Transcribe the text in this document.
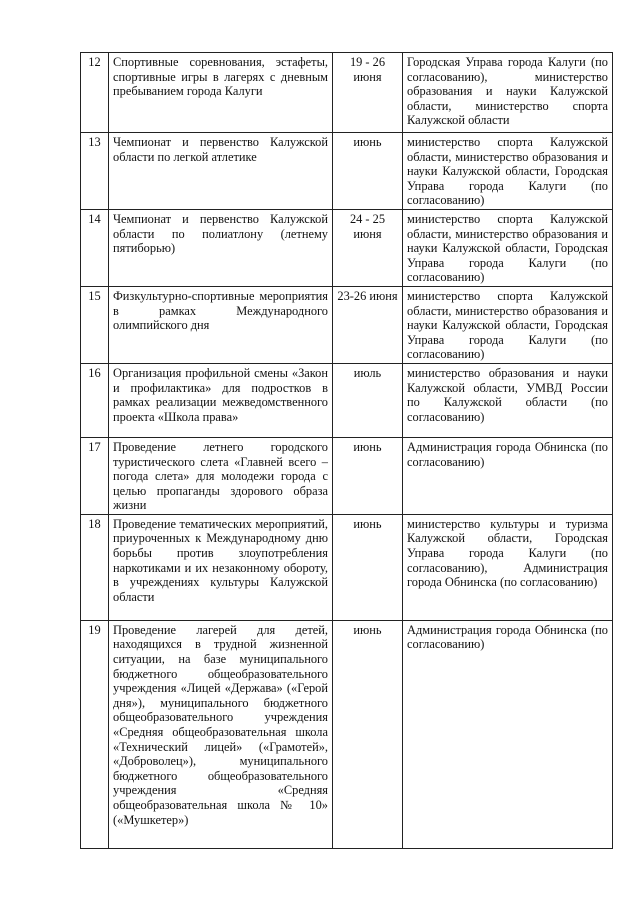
12	Спортивные соревнования, эстафеты, спортивные игры в лагерях с дневным пребыванием города Калуги	19 - 26 июня	Городская Управа города Калуги (по согласованию), министерство образования и науки Калужской области, министерство спорта Калужской области
13	Чемпионат и первенство Калужской области по легкой атлетике	июнь	министерство спорта Калужской области, министерство образования и науки Калужской области, Городская Управа города Калуги (по согласованию)
14	Чемпионат и первенство Калужской области по полиатлону (летнему пятиборью)	24 - 25 июня	министерство спорта Калужской области, министерство образования и науки Калужской области, Городская Управа города Калуги (по согласованию)
15	Физкультурно-спортивные мероприятия в рамках Международного олимпийского дня	23-26 июня	министерство спорта Калужской области, министерство образования и науки Калужской области, Городская Управа города Калуги (по согласованию)
16	Организация профильной смены «Закон и профилактика» для подростков в рамках реализации межведомственного проекта «Школа права»	июль	министерство образования и науки Калужской области, УМВД России по Калужской области (по согласованию)
17	Проведение летнего городского туристического слета «Главней всего – погода слета» для молодежи города с целью пропаганды здорового образа жизни	июнь	Администрация города Обнинска (по согласованию)
18	Проведение тематических мероприятий, приуроченных к Международному дню борьбы против злоупотребления наркотиками и их незаконному обороту, в учреждениях культуры Калужской области	июнь	министерство культуры и туризма Калужской области, Городская Управа города Калуги (по согласованию), Администрация города Обнинска (по согласованию)
19	Проведение лагерей для детей, находящихся в трудной жизненной ситуации, на базе муниципального бюджетного общеобразовательного учреждения «Лицей «Держава» («Герой дня»), муниципального бюджетного общеобразовательного учреждения «Средняя общеобразовательная школа «Технический лицей» («Грамотей», «Доброволец»), муниципального бюджетного общеобразовательного учреждения «Средняя общеобразовательная школа № 10» («Мушкетер»)	июнь	Администрация города Обнинска (по согласованию)
